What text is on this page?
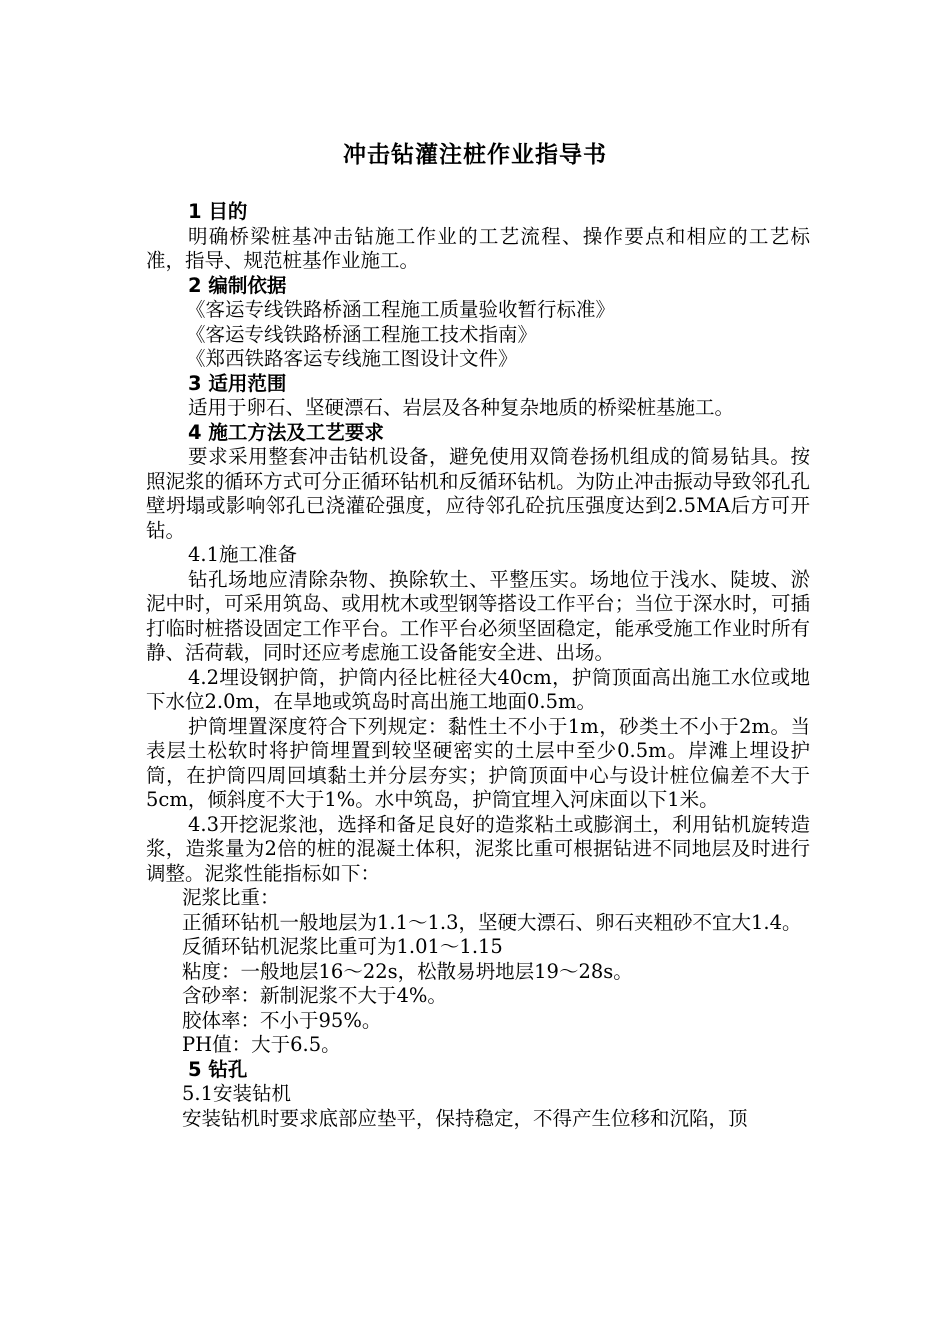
冲击钻灌注桩作业指导书

1 目的

明确桥梁桩基冲击钻施工作业的工艺流程、操作要点和相应的工艺标准，指导、规范桩基作业施工。

2 编制依据

《客运专线铁路桥涵工程施工质量验收暂行标准》

《客运专线铁路桥涵工程施工技术指南》

《郑西铁路客运专线施工图设计文件》

3 适用范围

适用于卵石、坚硬漂石、岩层及各种复杂地质的桥梁桩基施工。

4 施工方法及工艺要求

要求采用整套冲击钻机设备，避免使用双筒卷扬机组成的简易钻具。按照泥浆的循环方式可分正循环钻机和反循环钻机。为防止冲击振动导致邻孔孔壁坍塌或影响邻孔已浇灌砼强度，应待邻孔砼抗压强度达到2.5MA后方可开钻。

4.1施工准备

钻孔场地应清除杂物、换除软土、平整压实。场地位于浅水、陡坡、淤泥中时，可采用筑岛、或用枕木或型钢等搭设工作平台；当位于深水时，可插打临时桩搭设固定工作平台。工作平台必须坚固稳定，能承受施工作业时所有静、活荷载，同时还应考虑施工设备能安全进、出场。

4.2埋设钢护筒，护筒内径比桩径大40cm，护筒顶面高出施工水位或地下水位2.0m，在旱地或筑岛时高出施工地面0.5m。

护筒埋置深度符合下列规定：黏性土不小于1m，砂类土不小于2m。当表层土松软时将护筒埋置到较坚硬密实的土层中至少0.5m。岸滩上埋设护筒，在护筒四周回填黏土并分层夯实；护筒顶面中心与设计桩位偏差不大于5cm，倾斜度不大于1%。水中筑岛，护筒宜埋入河床面以下1米。

4.3开挖泥浆池，选择和备足良好的造浆粘土或膨润土，利用钻机旋转造浆，造浆量为2倍的桩的混凝土体积，泥浆比重可根据钻进不同地层及时进行调整。泥浆性能指标如下：

泥浆比重：

正循环钻机一般地层为1.1～1.3，坚硬大漂石、卵石夹粗砂不宜大1.4。

反循环钻机泥浆比重可为1.01～1.15

粘度：一般地层16～22s，松散易坍地层19～28s。

含砂率：新制泥浆不大于4%。

胶体率：不小于95%。

PH值：大于6.5。

5 钻孔

5.1安装钻机

安装钻机时要求底部应垫平，保持稳定，不得产生位移和沉陷，顶
